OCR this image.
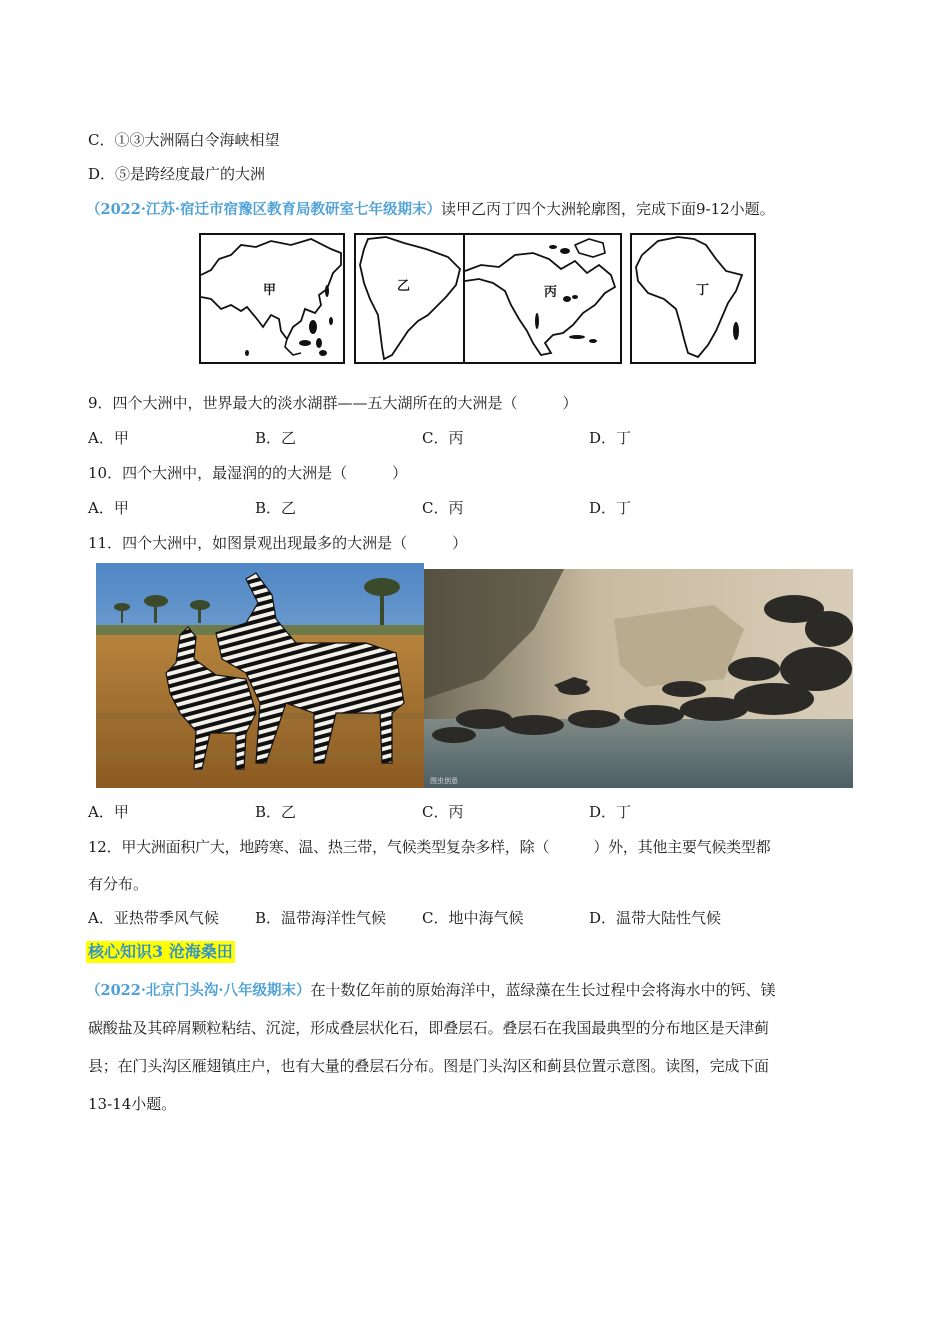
C．①③大洲隔白令海峡相望
D．⑤是跨经度最广的大洲
（2022·江苏·宿迁市宿豫区教育局教研室七年级期末）读甲乙丙丁四个大洲轮廓图，完成下面9-12小题。
甲	乙	丙	丁
9．四个大洲中，世界最大的淡水湖群——五大湖所在的大洲是（　　　）
A．甲	B．乙	C．丙	D．丁
10．四个大洲中，最湿润的的大洲是（　　　）
A．甲	B．乙	C．丙	D．丁
11．四个大洲中，如图景观出现最多的大洲是（　　　）
图虫创意
A．甲	B．乙	C．丙	D．丁
12．甲大洲面积广大，地跨寒、温、热三带，气候类型复杂多样，除（　　　）外，其他主要气候类型都
有分布。
A．亚热带季风气候 B．温带海洋性气候 C．地中海气候	D．温带大陆性气候
核心知识3 沧海桑田
（2022·北京门头沟·八年级期末）在十数亿年前的原始海洋中，蓝绿藻在生长过程中会将海水中的钙、镁
碳酸盐及其碎屑颗粒粘结、沉淀，形成叠层状化石，即叠层石。叠层石在我国最典型的分布地区是天津蓟
县；在门头沟区雁翅镇庄户，也有大量的叠层石分布。图是门头沟区和蓟县位置示意图。读图，完成下面
13-14小题。
